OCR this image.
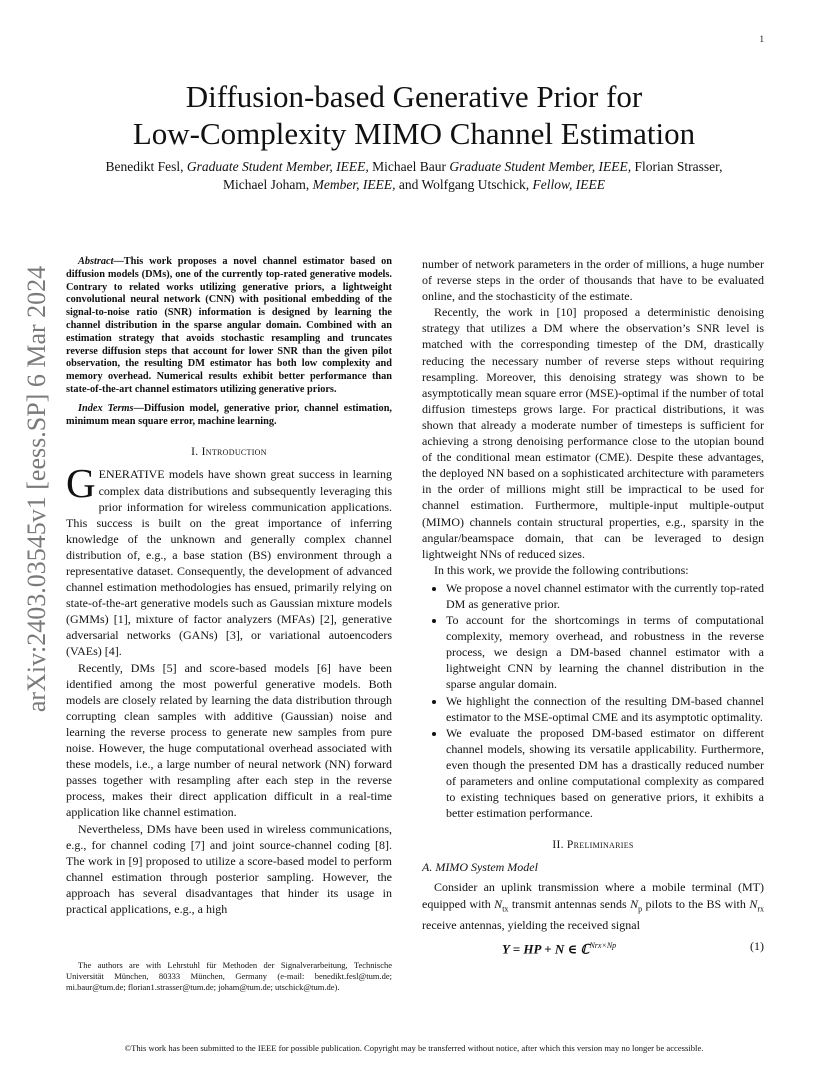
1
arXiv:2403.03545v1 [eess.SP] 6 Mar 2024
Diffusion-based Generative Prior for
Low-Complexity MIMO Channel Estimation
Benedikt Fesl, Graduate Student Member, IEEE, Michael Baur Graduate Student Member, IEEE, Florian Strasser,
Michael Joham, Member, IEEE, and Wolfgang Utschick, Fellow, IEEE

Abstract—This work proposes a novel channel estimator based on diffusion models (DMs), one of the currently top-rated generative models. Contrary to related works utilizing generative priors, a lightweight convolutional neural network (CNN) with positional embedding of the signal-to-noise ratio (SNR) information is designed by learning the channel distribution in the sparse angular domain. Combined with an estimation strategy that avoids stochastic resampling and truncates reverse diffusion steps that account for lower SNR than the given pilot observation, the resulting DM estimator has both low complexity and memory overhead. Numerical results exhibit better performance than state-of-the-art channel estimators utilizing generative priors.

Index Terms—Diffusion model, generative prior, channel estimation, minimum mean square error, machine learning.

I. Introduction

GENERATIVE models have shown great success in learning complex data distributions and subsequently leveraging this prior information for wireless communication applications. This success is built on the great importance of inferring knowledge of the unknown and generally complex channel distribution of, e.g., a base station (BS) environment through a representative dataset. Consequently, the development of advanced channel estimation methodologies has ensued, primarily relying on state-of-the-art generative models such as Gaussian mixture models (GMMs) [1], mixture of factor analyzers (MFAs) [2], generative adversarial networks (GANs) [3], or variational autoencoders (VAEs) [4].

Recently, DMs [5] and score-based models [6] have been identified among the most powerful generative models. Both models are closely related by learning the data distribution through corrupting clean samples with additive (Gaussian) noise and learning the reverse process to generate new samples from pure noise. However, the huge computational overhead associated with these models, i.e., a large number of neural network (NN) forward passes together with resampling after each step in the reverse process, makes their direct application difficult in a real-time application like channel estimation.

Nevertheless, DMs have been used in wireless communications, e.g., for channel coding [7] and joint source-channel coding [8]. The work in [9] proposed to utilize a score-based model to perform channel estimation through posterior sampling. However, the approach has several disadvantages that hinder its usage in practical applications, e.g., a high

number of network parameters in the order of millions, a huge number of reverse steps in the order of thousands that have to be evaluated online, and the stochasticity of the estimate.

Recently, the work in [10] proposed a deterministic denoising strategy that utilizes a DM where the observation’s SNR level is matched with the corresponding timestep of the DM, drastically reducing the necessary number of reverse steps without requiring resampling. Moreover, this denoising strategy was shown to be asymptotically mean square error (MSE)-optimal if the number of total diffusion timesteps grows large. For practical distributions, it was shown that already a moderate number of timesteps is sufficient for achieving a strong denoising performance close to the utopian bound of the conditional mean estimator (CME). Despite these advantages, the deployed NN based on a sophisticated architecture with parameters in the order of millions might still be impractical to be used for channel estimation. Furthermore, multiple-input multiple-output (MIMO) channels contain structural properties, e.g., sparsity in the angular/beamspace domain, that can be leveraged to design lightweight NNs of reduced sizes.

In this work, we provide the following contributions:

• We propose a novel channel estimator with the currently top-rated DM as generative prior.
• To account for the shortcomings in terms of computational complexity, memory overhead, and robustness in the reverse process, we design a DM-based channel estimator with a lightweight CNN by learning the channel distribution in the sparse angular domain.
• We highlight the connection of the resulting DM-based channel estimator to the MSE-optimal CME and its asymptotic optimality.
• We evaluate the proposed DM-based estimator on different channel models, showing its versatile applicability. Furthermore, even though the presented DM has a drastically reduced number of parameters and online computational complexity as compared to existing techniques based on generative priors, it exhibits a better estimation performance.
II. Preliminaries
A. MIMO System Model

Consider an uplink transmission where a mobile terminal (MT) equipped with $N_{tx}$ transmit antennas sends $N_p$ pilots to the BS with $N_{rx}$ receive antennas, yielding the received signal

Y = HP + N ∈ ℂ$^{Nrx\times Np}$	(1)

The authors are with Lehrstuhl für Methoden der Signalverarbeitung, Technische Universität München, 80333 München, Germany (e-mail: benedikt.fesl@tum.de; mi.baur@tum.de; florian1.strasser@tum.de; joham@tum.de; utschick@tum.de).

©This work has been submitted to the IEEE for possible publication. Copyright may be transferred without notice, after which this version may no longer be accessible.
